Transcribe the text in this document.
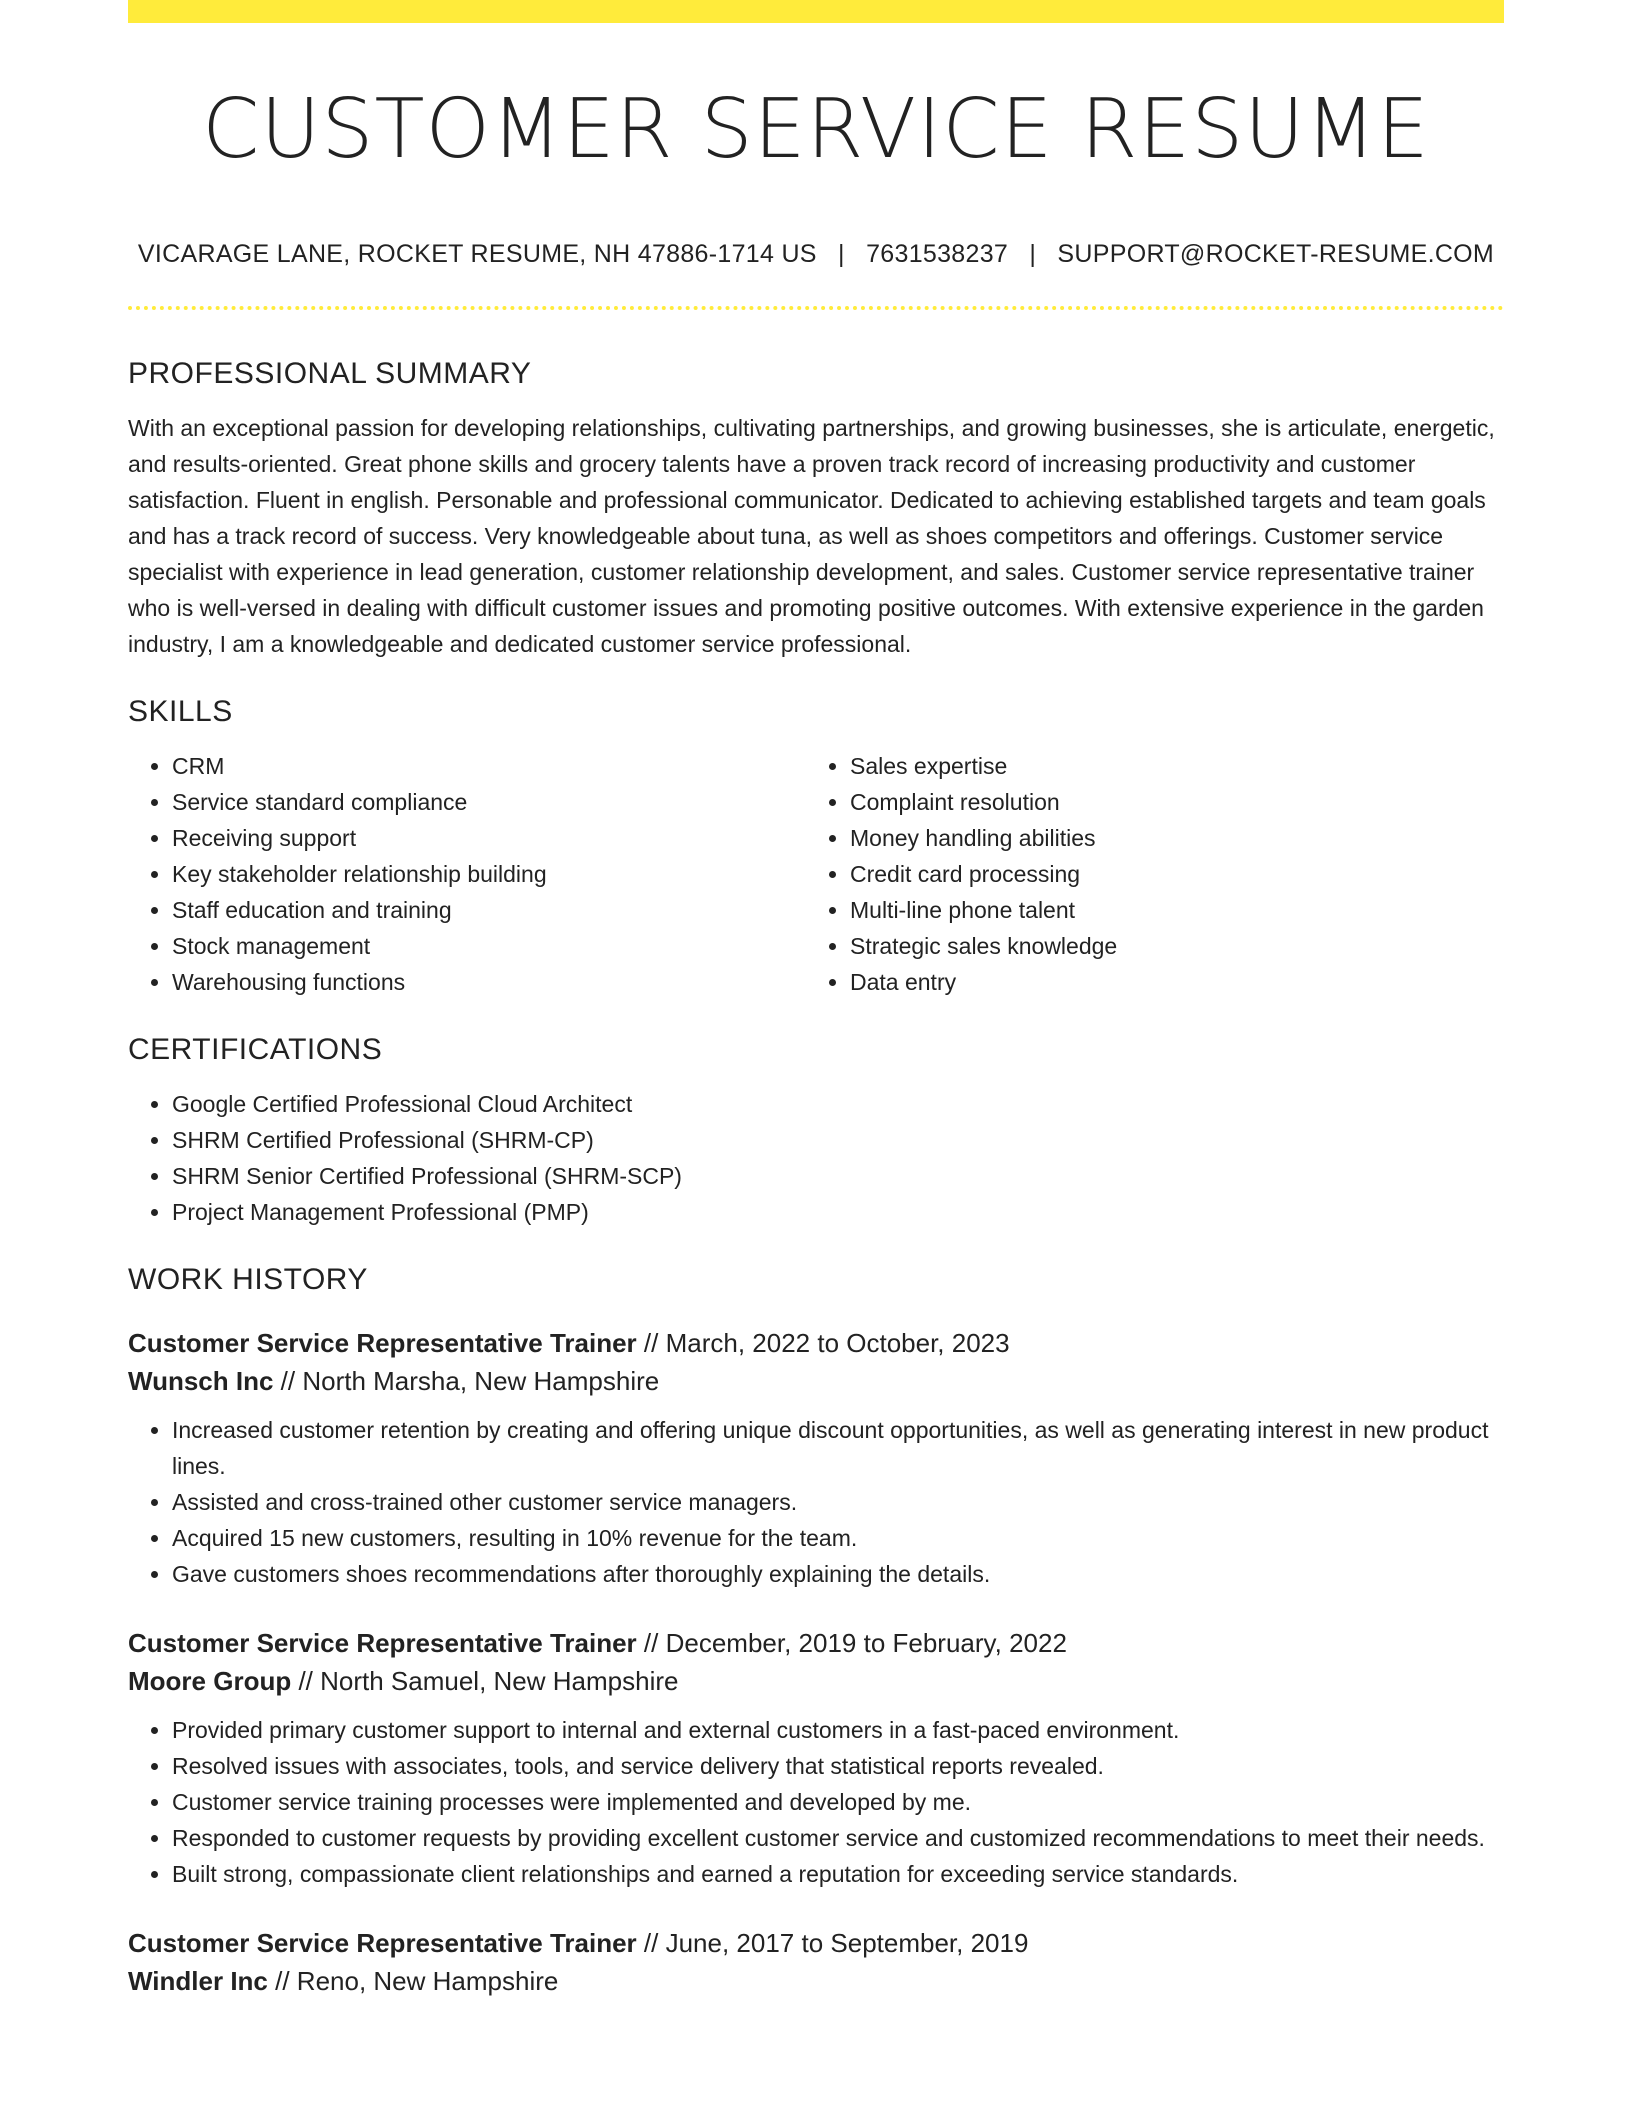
CUSTOMER SERVICE RESUME
VICARAGE LANE, ROCKET RESUME, NH 47886-1714 US | 7631538237 | SUPPORT@ROCKET-RESUME.COM
PROFESSIONAL SUMMARY

With an exceptional passion for developing relationships, cultivating partnerships, and growing businesses, she is articulate, energetic, and results-oriented. Great phone skills and grocery talents have a proven track record of increasing productivity and customer satisfaction. Fluent in english. Personable and professional communicator. Dedicated to achieving established targets and team goals and has a track record of success. Very knowledgeable about tuna, as well as shoes competitors and offerings. Customer service specialist with experience in lead generation, customer relationship development, and sales. Customer service representative trainer who is well-versed in dealing with difficult customer issues and promoting positive outcomes. With extensive experience in the garden industry, I am a knowledgeable and dedicated customer service professional.

SKILLS
• CRM
• Service standard compliance
• Receiving support
• Key stakeholder relationship building
• Staff education and training
• Stock management
• Warehousing functions
• Sales expertise
• Complaint resolution
• Money handling abilities
• Credit card processing
• Multi-line phone talent
• Strategic sales knowledge
• Data entry
CERTIFICATIONS
• Google Certified Professional Cloud Architect
• SHRM Certified Professional (SHRM-CP)
• SHRM Senior Certified Professional (SHRM-SCP)
• Project Management Professional (PMP)
WORK HISTORY
Customer Service Representative Trainer // March, 2022 to October, 2023
Wunsch Inc // North Marsha, New Hampshire
• Increased customer retention by creating and offering unique discount opportunities, as well as generating interest in new product lines.
• Assisted and cross-trained other customer service managers.
• Acquired 15 new customers, resulting in 10% revenue for the team.
• Gave customers shoes recommendations after thoroughly explaining the details.
Customer Service Representative Trainer // December, 2019 to February, 2022
Moore Group // North Samuel, New Hampshire
• Provided primary customer support to internal and external customers in a fast-paced environment.
• Resolved issues with associates, tools, and service delivery that statistical reports revealed.
• Customer service training processes were implemented and developed by me.
• Responded to customer requests by providing excellent customer service and customized recommendations to meet their needs.
• Built strong, compassionate client relationships and earned a reputation for exceeding service standards.
Customer Service Representative Trainer // June, 2017 to September, 2019
Windler Inc // Reno, New Hampshire
